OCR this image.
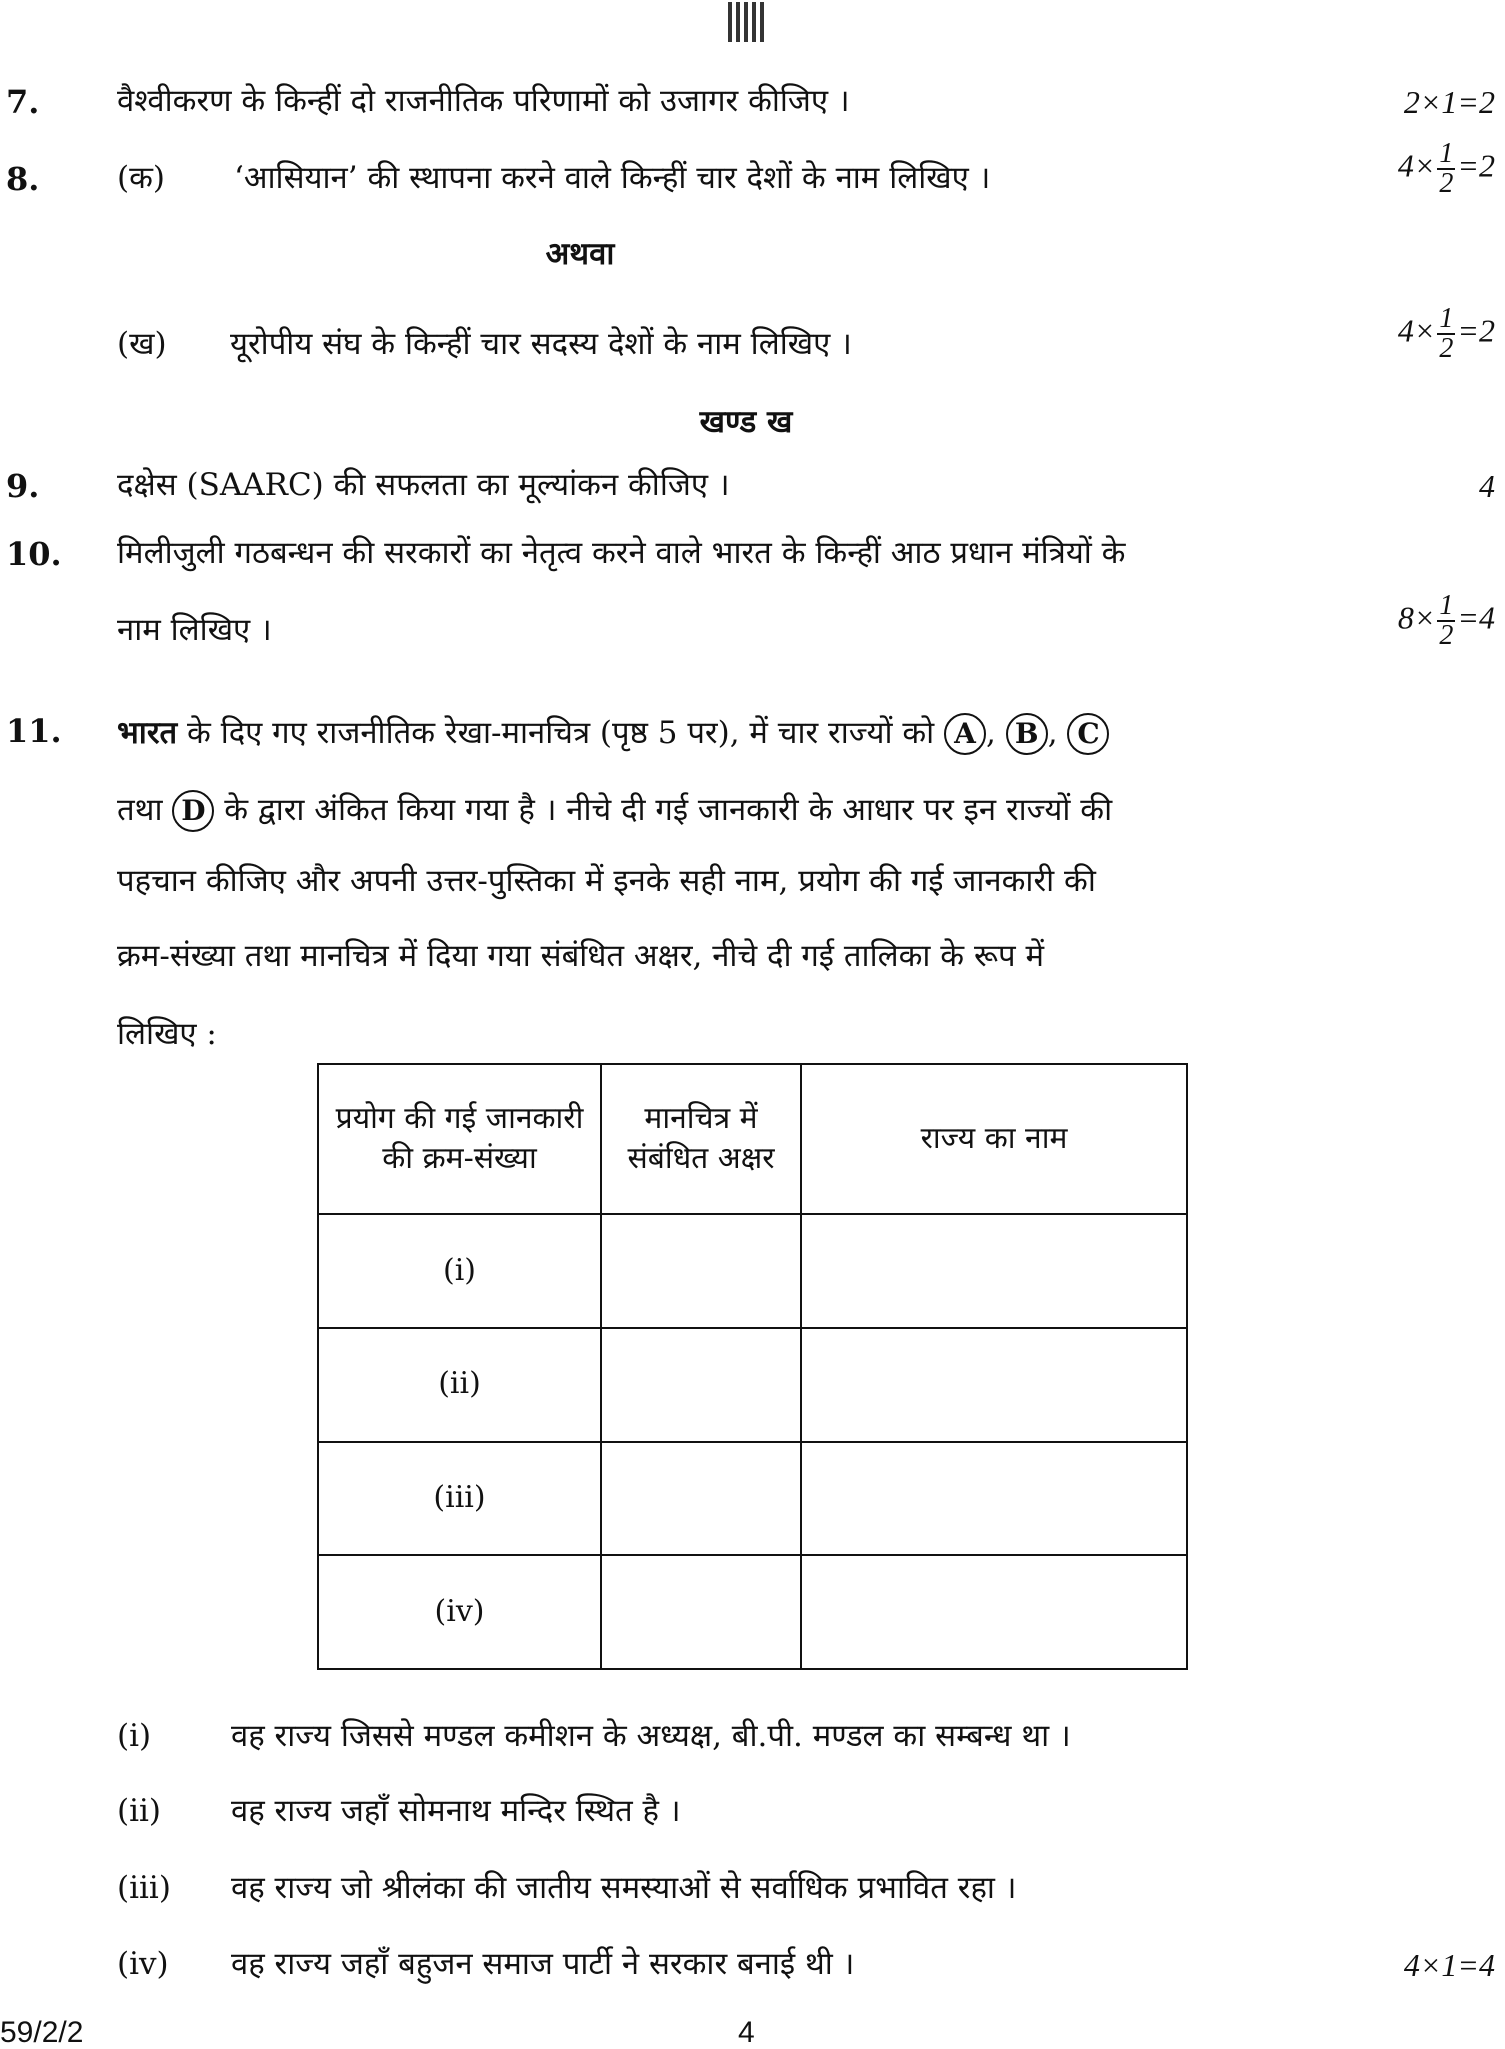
7.	वैश्वीकरण के किन्हीं दो राजनीतिक परिणामों को उजागर कीजिए ।	2×1=2
8.	(क) ‘आसियान’ की स्थापना करने वाले किन्हीं चार देशों के नाम लिखिए ।	$4\times \frac{1}{2} =2$
अथवा
(ख) यूरोपीय संघ के किन्हीं चार सदस्य देशों के नाम लिखिए ।	$4\times \frac{1}{2} =2$
खण्ड ख
9.	दक्षेस (SAARC) की सफलता का मूल्यांकन कीजिए ।	4
10. मिलीजुली गठबन्धन की सरकारों का नेतृत्व करने वाले भारत के किन्हीं आठ प्रधान मंत्रियों के
नाम लिखिए ।	$8\times \frac{1}{2} =4$
11. भारत के दिए गए राजनीतिक रेखा-मानचित्र (पृष्ठ 5 पर), में चार राज्यों को A , B , C
तथा D के द्वारा अंकित किया गया है । नीचे दी गई जानकारी के आधार पर इन राज्यों की
पहचान कीजिए और अपनी उत्तर-पुस्तिका में इनके सही नाम, प्रयोग की गई जानकारी की
क्रम-संख्या तथा मानचित्र में दिया गया संबंधित अक्षर, नीचे दी गई तालिका के रूप में
लिखिए :
प्रयोग की गई जानकारी की क्रम-संख्या	मानचित्र में संबंधित अक्षर	राज्य का नाम
(i)		
(ii)		
(iii)		
(iv)		
(i)	वह राज्य जिससे मण्डल कमीशन के अध्यक्ष, बी.पी. मण्डल का सम्बन्ध था ।
(ii) वह राज्य जहाँ सोमनाथ मन्दिर स्थित है ।
(iii) वह राज्य जो श्रीलंका की जातीय समस्याओं से सर्वाधिक प्रभावित रहा ।
(iv) वह राज्य जहाँ बहुजन समाज पार्टी ने सरकार बनाई थी ।	4×1=4
59/2/2	4
